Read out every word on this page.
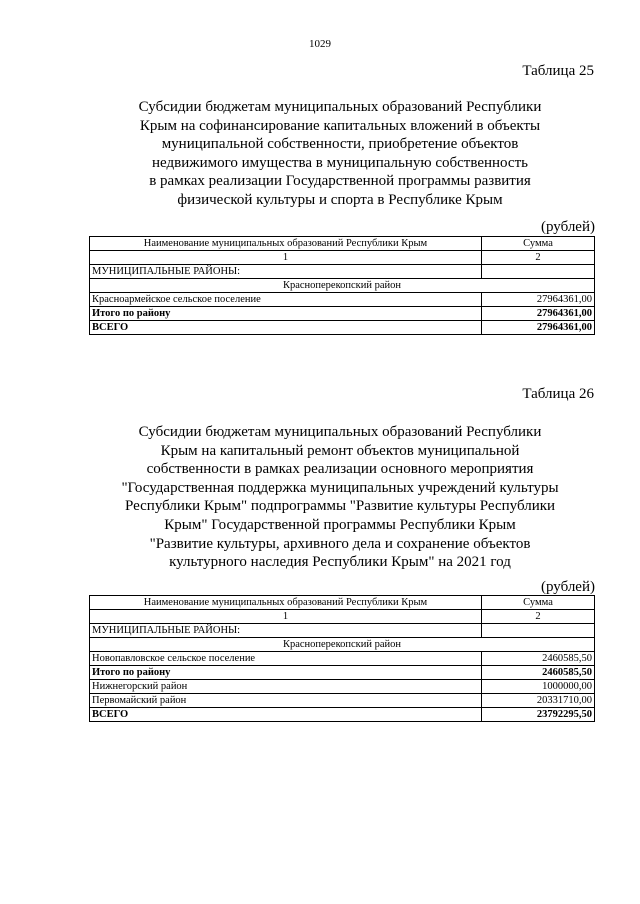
1029
Таблица 25
Субсидии бюджетам муниципальных образований Республики
Крым на софинансирование капитальных вложений в объекты
муниципальной собственности, приобретение объектов
недвижимого имущества в муниципальную собственность
в рамках реализации Государственной программы развития
физической культуры и спорта в Республике Крым
(рублей)
Наименование муниципальных образований Республики Крым	Сумма
1	2
МУНИЦИПАЛЬНЫЕ РАЙОНЫ:	
Красноперекопский район	
Красноармейское сельское поселение	27964361,00
Итого по району	27964361,00
ВСЕГО	27964361,00
Таблица 26
Субсидии бюджетам муниципальных образований Республики
Крым на капитальный ремонт объектов муниципальной
собственности в рамках реализации основного мероприятия
"Государственная поддержка муниципальных учреждений культуры
Республики Крым" подпрограммы "Развитие культуры Республики
Крым" Государственной программы Республики Крым
"Развитие культуры, архивного дела и сохранение объектов
культурного наследия Республики Крым" на 2021 год
(рублей)
Наименование муниципальных образований Республики Крым	Сумма
1	2
МУНИЦИПАЛЬНЫЕ РАЙОНЫ:	
Красноперекопский район	
Новопавловское сельское поселение	2460585,50
Итого по району	2460585,50
Нижнегорский район	1000000,00
Первомайский район	20331710,00
ВСЕГО	23792295,50
